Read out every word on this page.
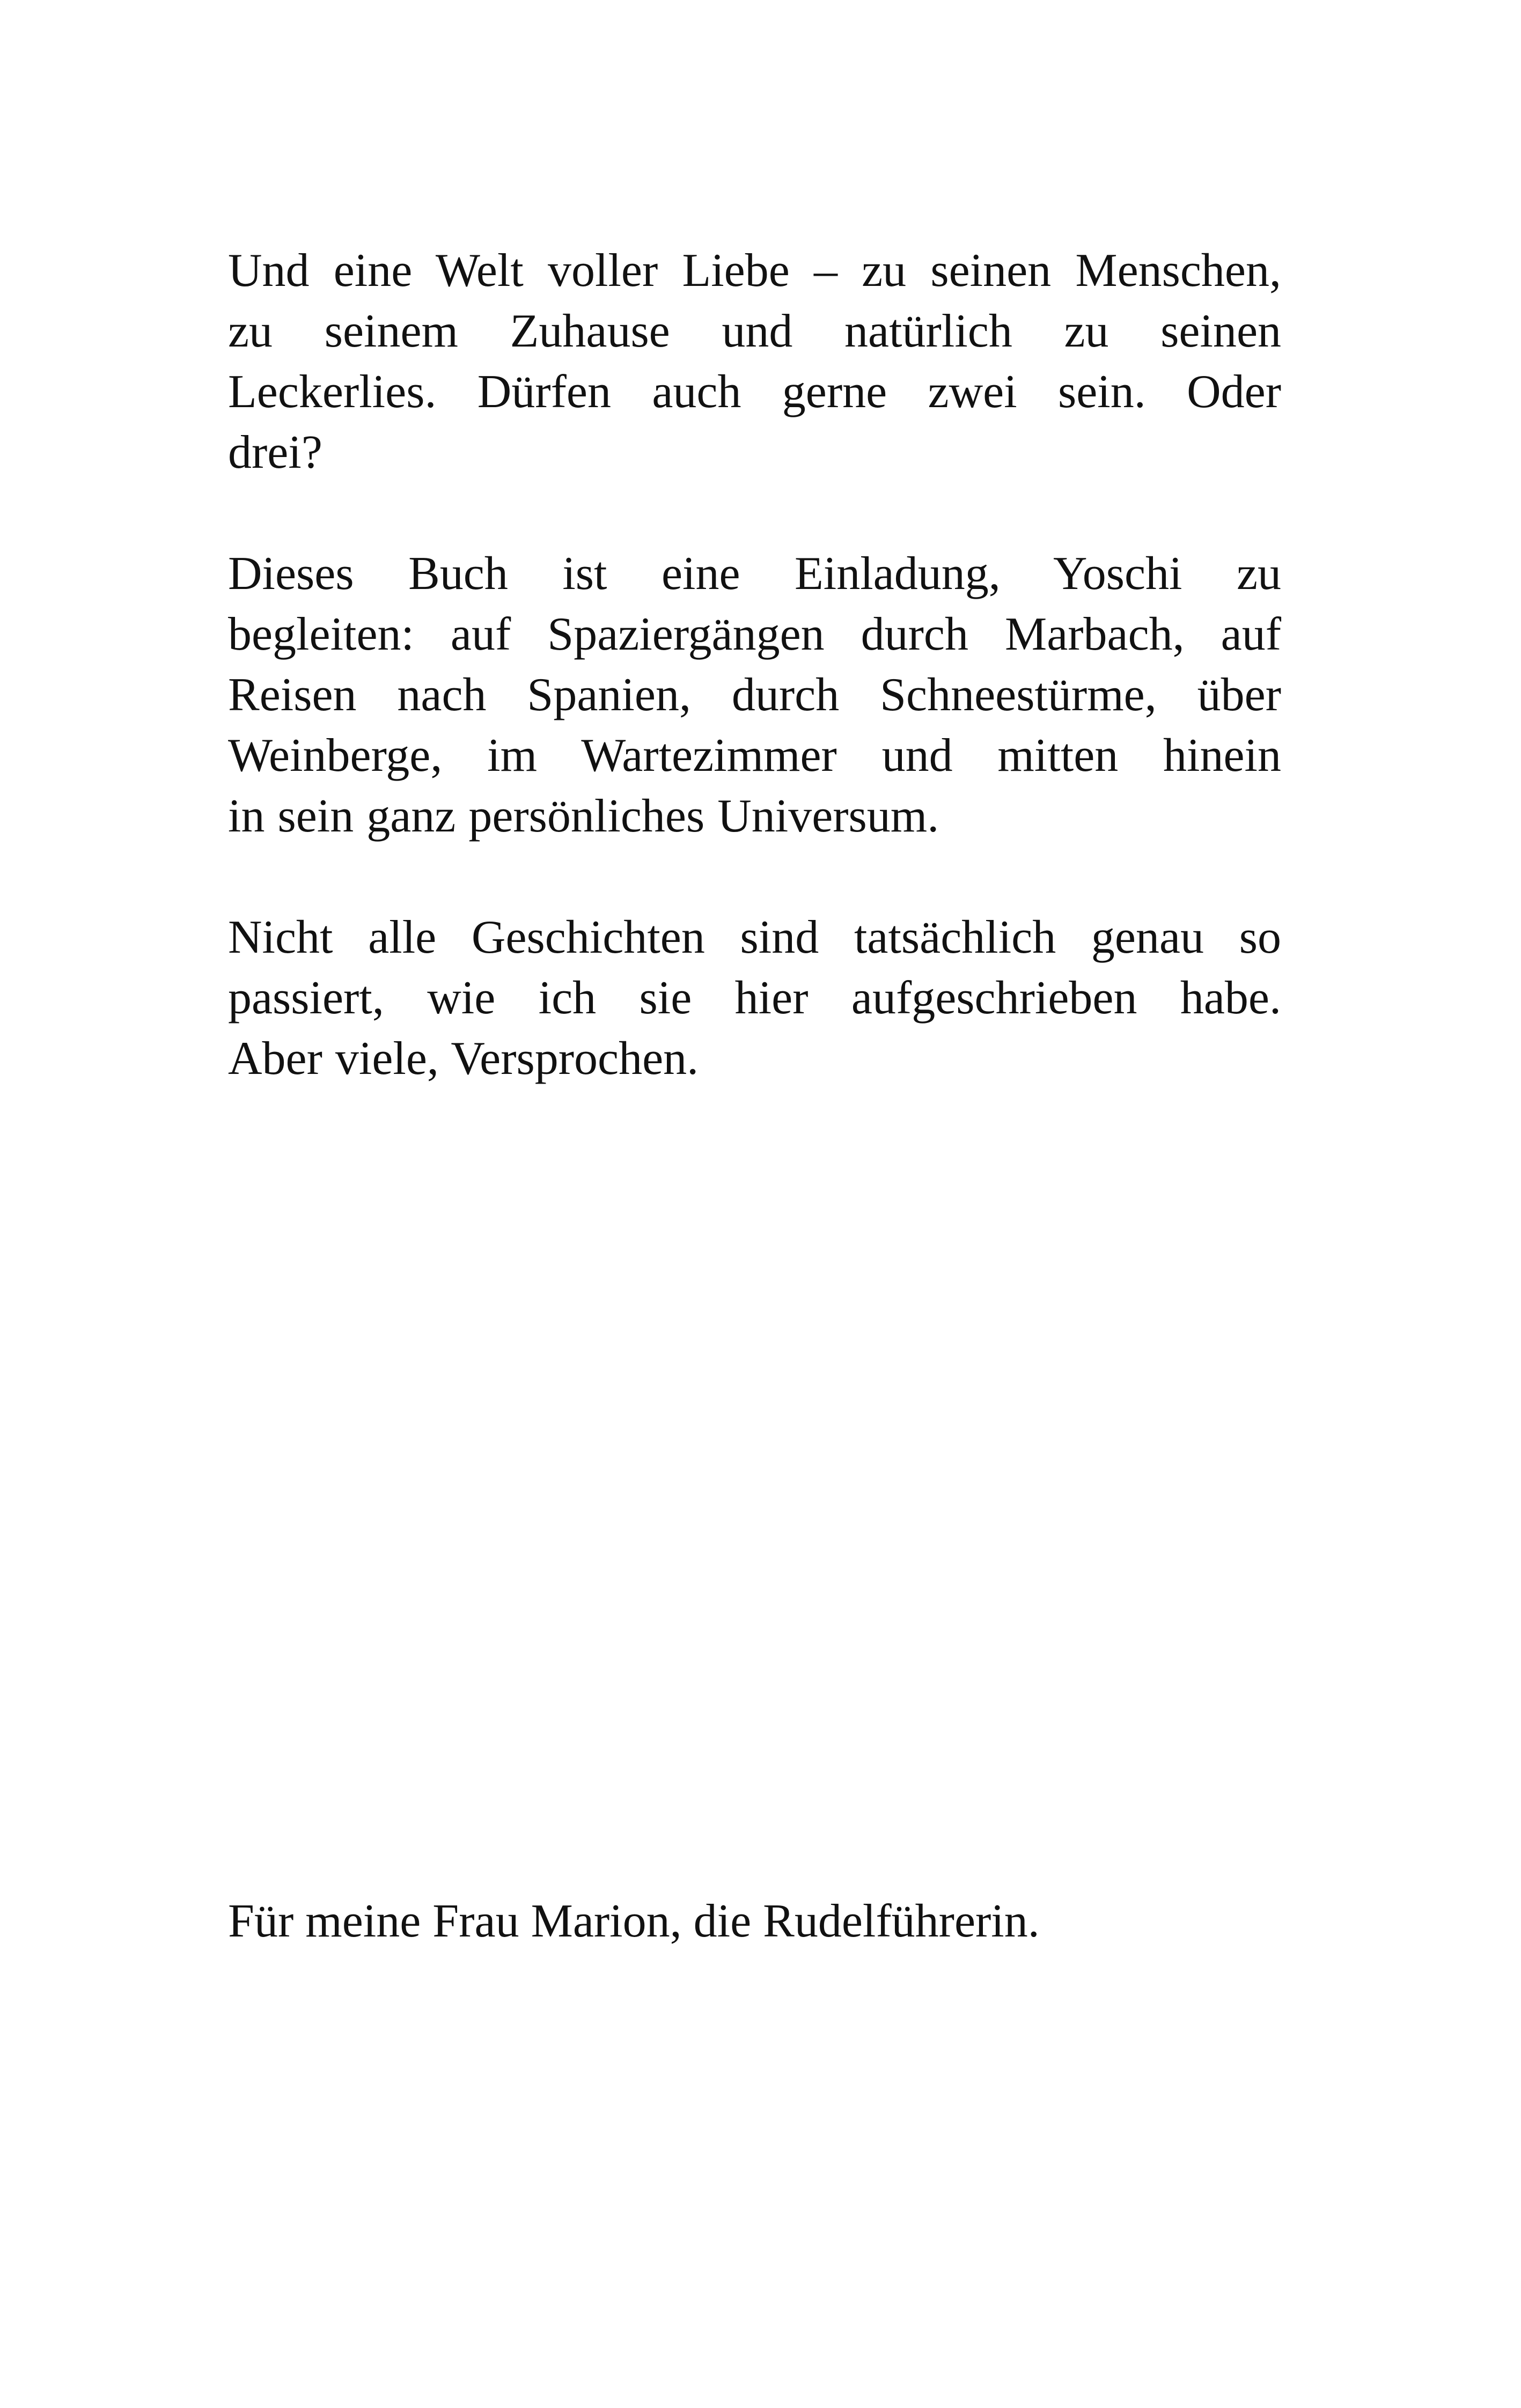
Und eine Welt voller Liebe – zu seinen Menschen,
zu seinem Zuhause und natürlich zu seinen
Leckerlies. Dürfen auch gerne zwei sein. Oder
drei?

Dieses Buch ist eine Einladung, Yoschi zu
begleiten: auf Spaziergängen durch Marbach, auf
Reisen nach Spanien, durch Schneestürme, über
Weinberge, im Wartezimmer und mitten hinein
in sein ganz persönliches Universum.

Nicht alle Geschichten sind tatsächlich genau so
passiert, wie ich sie hier aufgeschrieben habe.
Aber viele, Versprochen.

Für meine Frau Marion, die Rudelführerin.
